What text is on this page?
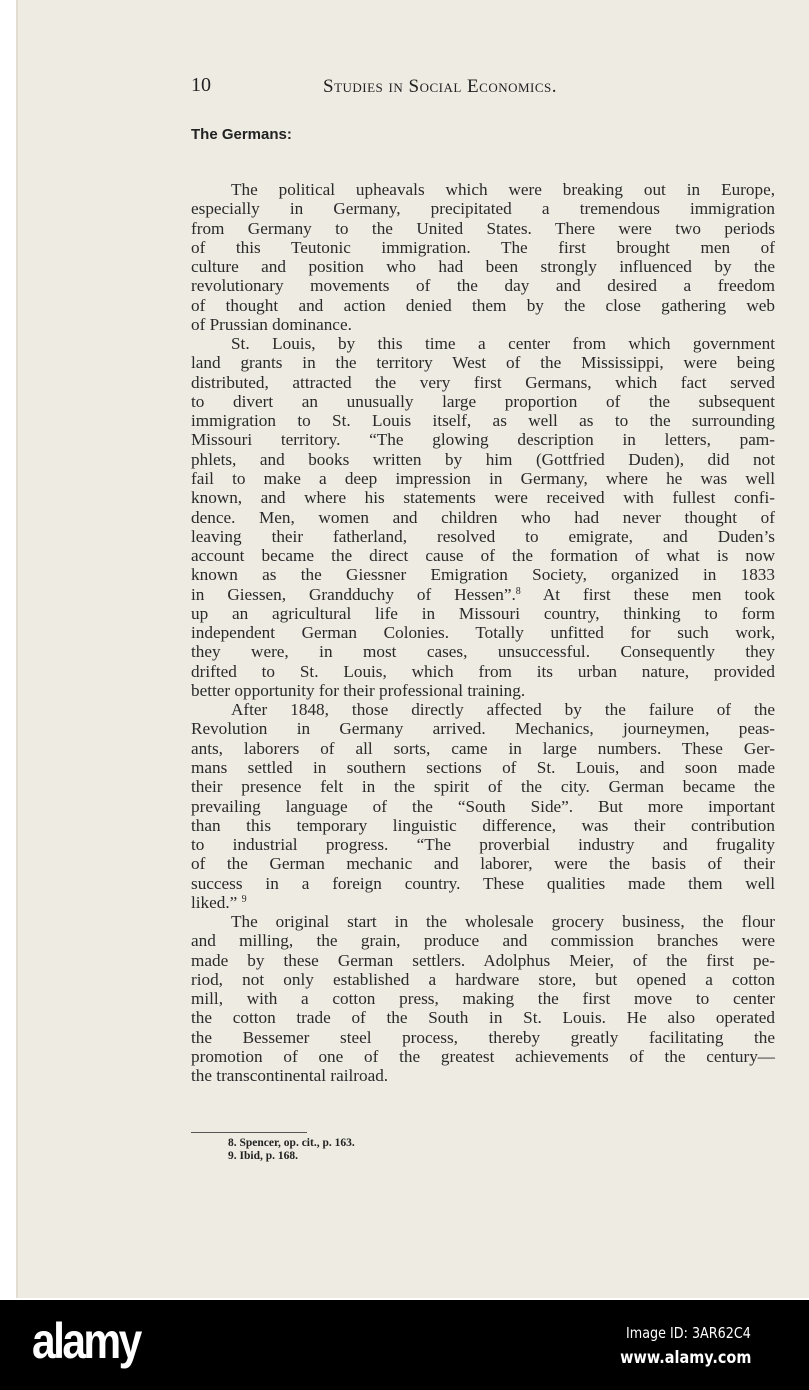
10	Studies in Social Economics.
The Germans:
The political upheavals which were breaking out in Europe,
especially in Germany, precipitated a tremendous immigration
from Germany to the United States. There were two periods
of this Teutonic immigration. The first brought men of
culture and position who had been strongly influenced by the
revolutionary movements of the day and desired a freedom
of thought and action denied them by the close gathering web
of Prussian dominance.
St. Louis, by this time a center from which government
land grants in the territory West of the Mississippi, were being
distributed, attracted the very first Germans, which fact served
to divert an unusually large proportion of the subsequent
immigration to St. Louis itself, as well as to the surrounding
Missouri territory. “The glowing description in letters, pam-
phlets, and books written by him (Gottfried Duden), did not
fail to make a deep impression in Germany, where he was well
known, and where his statements were received with fullest confi-
dence. Men, women and children who had never thought of
leaving their fatherland, resolved to emigrate, and Duden’s
account became the direct cause of the formation of what is now
known as the Giessner Emigration Society, organized in 1833
in Giessen, Grandduchy of Hessen”.$^8$ At first these men took
up an agricultural life in Missouri country, thinking to form
independent German Colonies. Totally unfitted for such work,
they were, in most cases, unsuccessful. Consequently they
drifted to St. Louis, which from its urban nature, provided
better opportunity for their professional training.
After 1848, those directly affected by the failure of the
Revolution in Germany arrived. Mechanics, journeymen, peas-
ants, laborers of all sorts, came in large numbers. These Ger-
mans settled in southern sections of St. Louis, and soon made
their presence felt in the spirit of the city. German became the
prevailing language of the “South Side”. But more important
than this temporary linguistic difference, was their contribution
to industrial progress. “The proverbial industry and frugality
of the German mechanic and laborer, were the basis of their
success in a foreign country. These qualities made them well
liked.” $^9$
The original start in the wholesale grocery business, the flour
and milling, the grain, produce and commission branches were
made by these German settlers. Adolphus Meier, of the first pe-
riod, not only established a hardware store, but opened a cotton
mill, with a cotton press, making the first move to center
the cotton trade of the South in St. Louis. He also operated
the Bessemer steel process, thereby greatly facilitating the
promotion of one of the greatest achievements of the century—
the transcontinental railroad.
8. Spencer, op. cit., p. 163.
9. Ibid, p. 168.
alamy	Image ID: 3AR62C4
www.alamy.com
